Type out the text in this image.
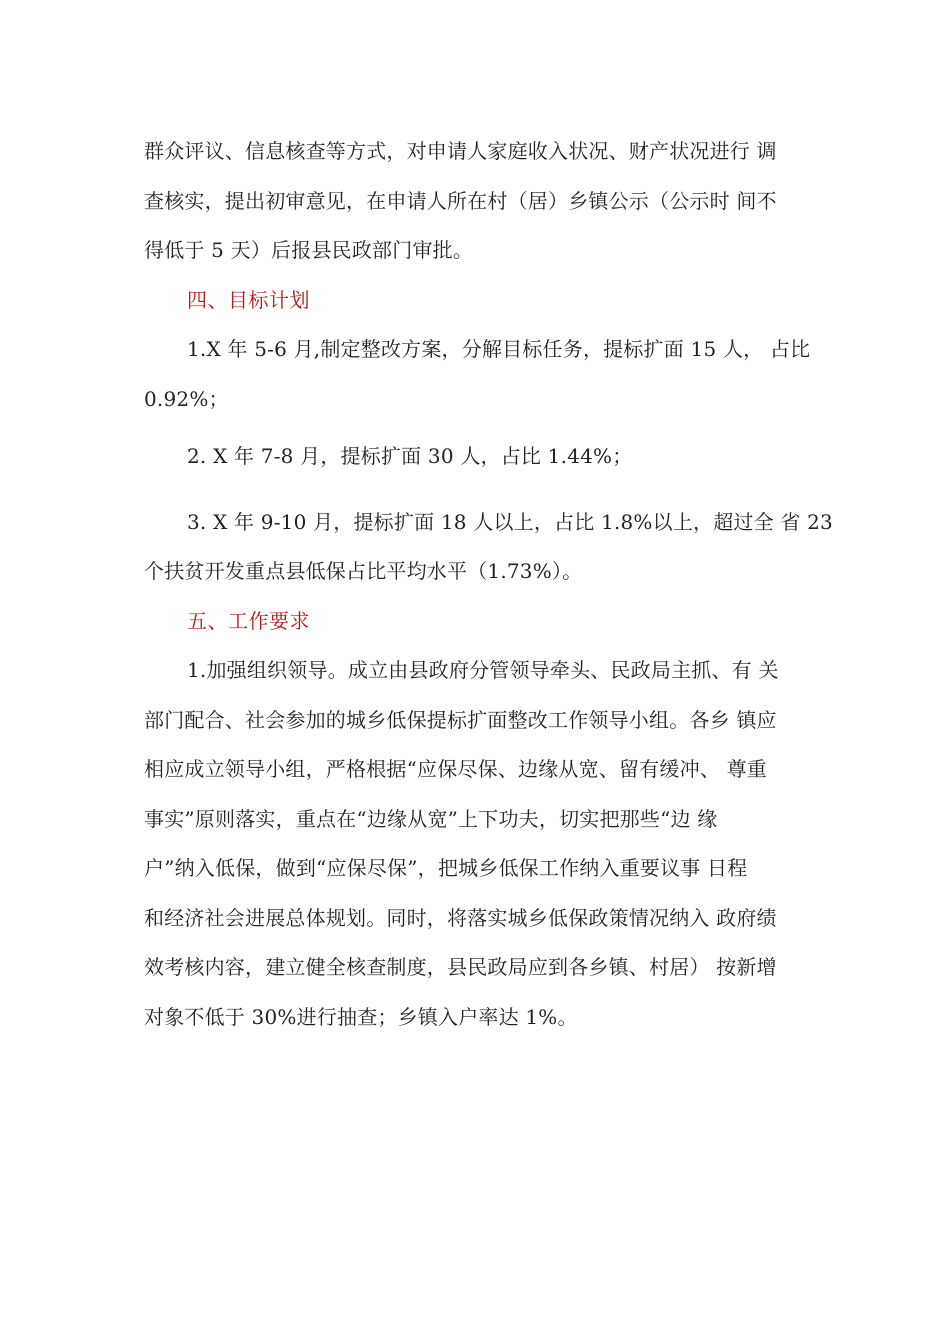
群众评议、信息核查等方式，对申请人家庭收入状况、财产状况进行 调
查核实，提出初审意见，在申请人所在村（居）乡镇公示（公示时 间不
得低于 5 天）后报县民政部门审批。

四、目标计划

1.X 年 5-6 月,制定整改方案，分解目标任务，提标扩面 15 人， 占比
0.92%；

2. X 年 7-8 月，提标扩面 30 人，占比 1.44%；

3. X 年 9-10 月，提标扩面 18 人以上，占比 1.8%以上，超过全 省 23
个扶贫开发重点县低保占比平均水平（1.73%）。

五、工作要求

1.加强组织领导。成立由县政府分管领导牵头、民政局主抓、有 关
部门配合、社会参加的城乡低保提标扩面整改工作领导小组。各乡 镇应
相应成立领导小组，严格根据“应保尽保、边缘从宽、留有缓冲、 尊重
事实”原则落实，重点在“边缘从宽”上下功夫，切实把那些“边 缘
户”纳入低保，做到“应保尽保”，把城乡低保工作纳入重要议事 日程
和经济社会进展总体规划。同时，将落实城乡低保政策情况纳入 政府绩
效考核内容，建立健全核查制度，县民政局应到各乡镇、村居） 按新增
对象不低于 30%进行抽查；乡镇入户率达 1%。
